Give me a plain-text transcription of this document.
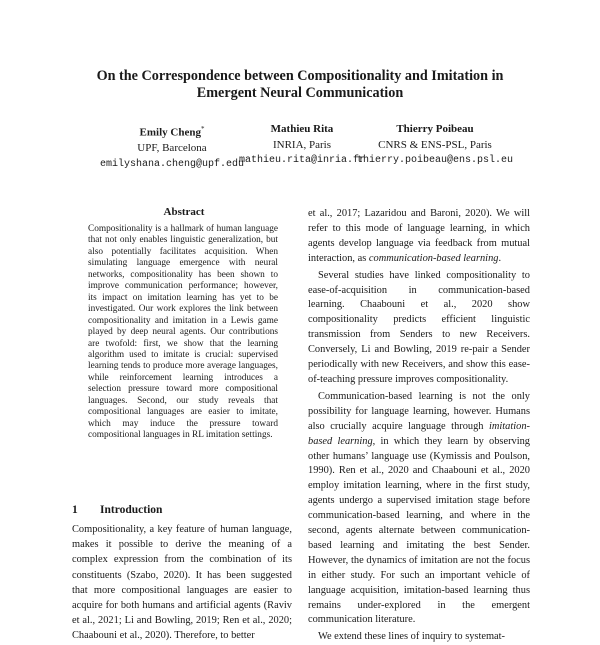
On the Correspondence between Compositionality and Imitation in
Emergent Neural Communication
Emily Cheng*
UPF, Barcelona
emilyshana.cheng@upf.edu
Mathieu Rita
INRIA, Paris
mathieu.rita@inria.fr
Thierry Poibeau
CNRS & ENS-PSL, Paris
thierry.poibeau@ens.psl.eu
Abstract

Compositionality is a hallmark of human language that not only enables linguistic generalization, but also potentially facilitates acquisition. When simulating language emergence with neural networks, compositionality has been shown to improve communication performance; however, its impact on imitation learning has yet to be investigated. Our work explores the link between compositionality and imitation in a Lewis game played by deep neural agents. Our contributions are twofold: first, we show that the learning algorithm used to imitate is crucial: supervised learning tends to produce more average languages, while reinforcement learning introduces a selection pressure toward more compositional languages. Second, our study reveals that compositional languages are easier to imitate, which may induce the pressure toward compositional languages in RL imitation settings.

1 Introduction

Compositionality, a key feature of human language, makes it possible to derive the meaning of a complex expression from the combination of its constituents (Szabo, 2020). It has been suggested that more compositional languages are easier to acquire for both humans and artificial agents (Raviv et al., 2021; Li and Bowling, 2019; Ren et al., 2020; Chaabouni et al., 2020). Therefore, to better

et al., 2017; Lazaridou and Baroni, 2020). We will refer to this mode of language learning, in which agents develop language via feedback from mutual interaction, as communication-based learning.

Several studies have linked compositionality to ease-of-acquisition in communication-based learning. Chaabouni et al., 2020 show compositionality predicts efficient linguistic transmission from Senders to new Receivers. Conversely, Li and Bowling, 2019 re-pair a Sender periodically with new Receivers, and show this ease-of-teaching pressure improves compositionality.

Communication-based learning is not the only possibility for language learning, however. Humans also crucially acquire language through imitation-based learning, in which they learn by observing other humans’ language use (Kymissis and Poulson, 1990). Ren et al., 2020 and Chaabouni et al., 2020 employ imitation learning, where in the first study, agents undergo a supervised imitation stage before communication-based learning, and where in the second, agents alternate between communication-based learning and imitating the best Sender. However, the dynamics of imitation are not the focus in either study. For such an important vehicle of language acquisition, imitation-based learning thus remains under-explored in the emergent communication literature.

We extend these lines of inquiry to systemat-
